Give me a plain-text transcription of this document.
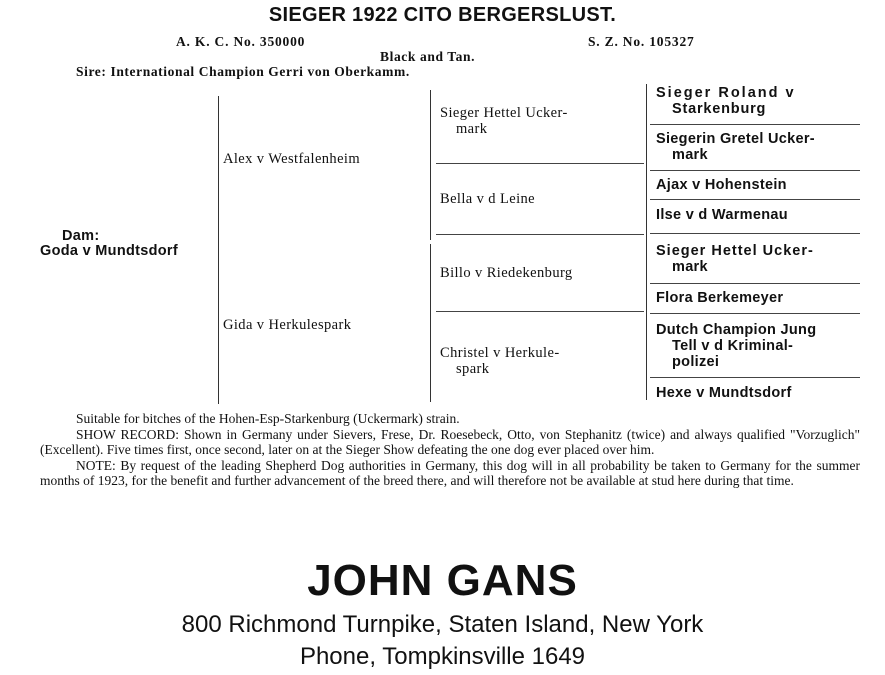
SIEGER 1922 CITO BERGERSLUST.
A. K. C. No. 350000	S. Z. No. 105327
Black and Tan.
Sire: International Champion Gerri von Oberkamm.
Dam:
Goda v Mundtsdorf
Alex v Westfalenheim
Gida v Herkulespark
Sieger Hettel Ucker-
mark
Bella v d Leine
Billo v Riedekenburg
Christel v Herkule-
spark
Sieger Roland v
Starkenburg
Siegerin Gretel Ucker-
mark
Ajax v Hohenstein
Ilse v d Warmenau
Sieger Hettel Ucker-
mark
Flora Berkemeyer
Dutch Champion Jung
Tell v d Kriminal-
polizei
Hexe v Mundtsdorf

Suitable for bitches of the Hohen-Esp-Starkenburg (Uckermark) strain.

SHOW RECORD: Shown in Germany under Sievers, Frese, Dr. Roesebeck, Otto, von Stephanitz (twice) and always qualified "Vorzuglich" (Excellent). Five times first, once second, later on at the Sieger Show defeating the one dog ever placed over him.

NOTE: By request of the leading Shepherd Dog authorities in Germany, this dog will in all probability be taken to Germany for the summer months of 1923, for the benefit and further advancement of the breed there, and will therefore not be available at stud here during that time.

JOHN GANS
800 Richmond Turnpike, Staten Island, New York
Phone, Tompkinsville 1649
